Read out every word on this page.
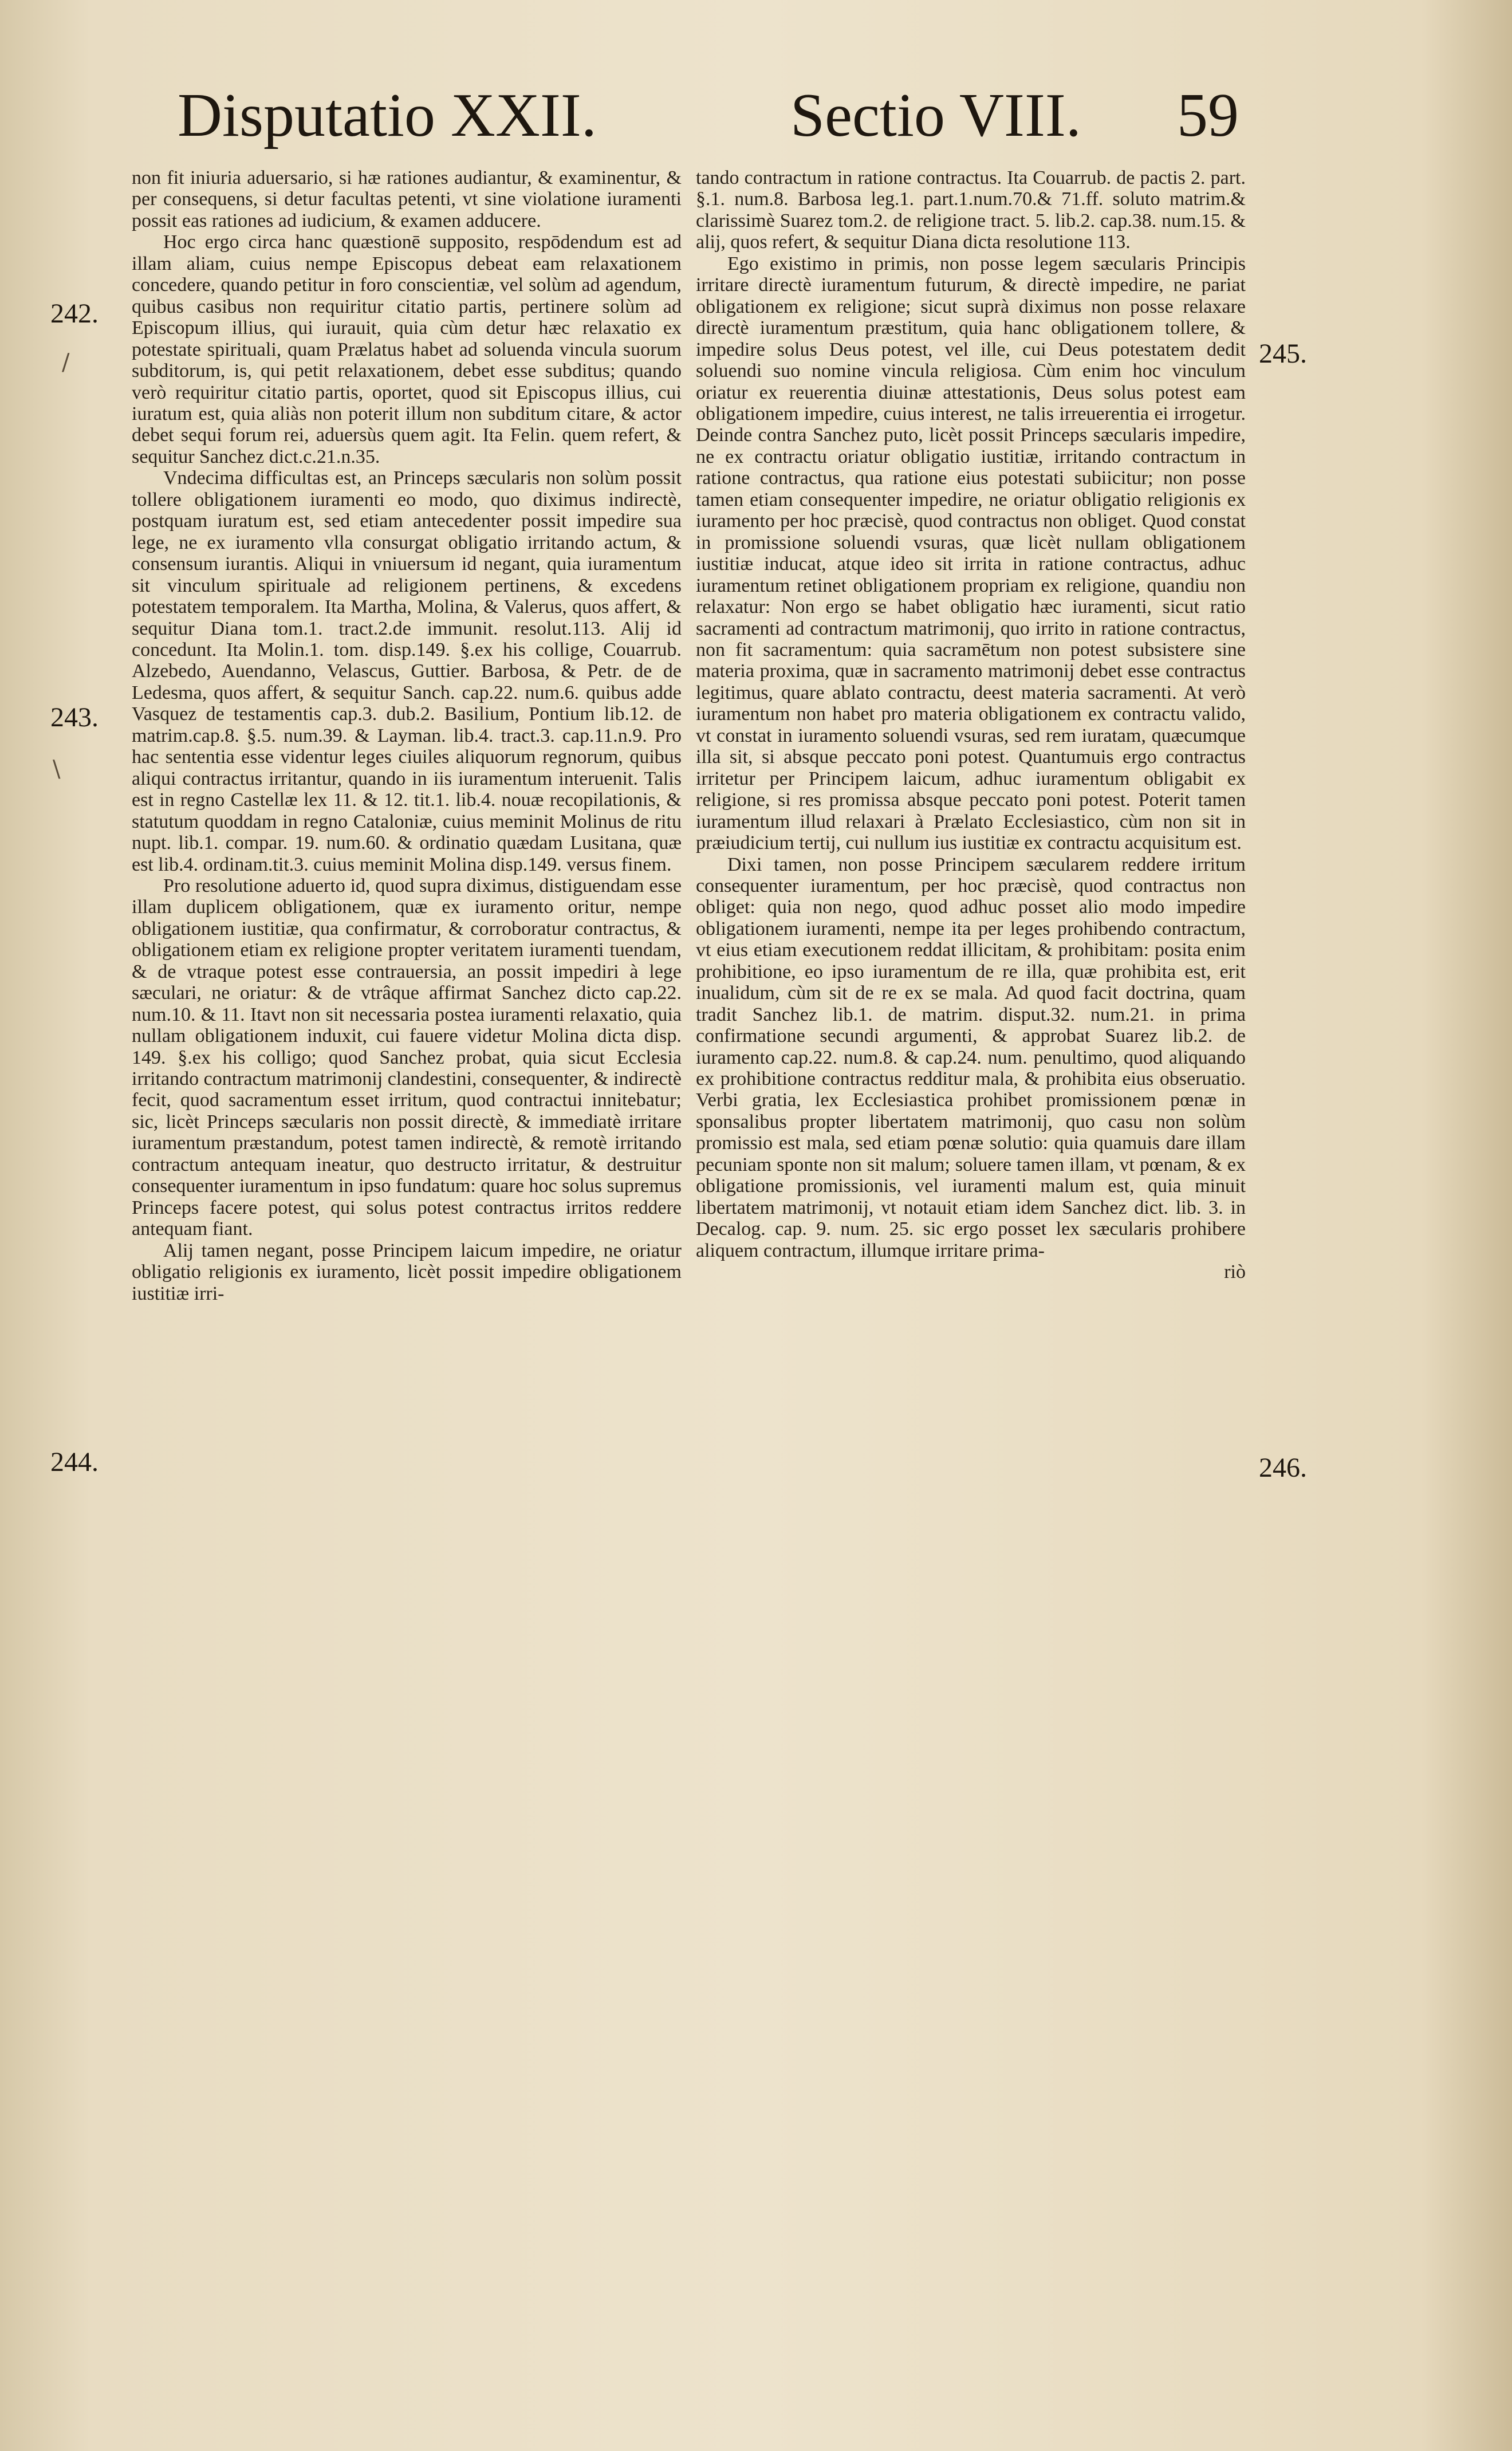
Disputatio XXII.	Sectio VIII. 59
242.
243.
244.
245.
246.
/
\

non fit iniuria aduersario, si hæ rationes audiantur, & examinentur, & per consequens, si detur facultas petenti, vt sine violatione iuramenti possit eas rationes ad iudicium, & examen adducere.

Hoc ergo circa hanc quæstionē supposito, respōdendum est ad illam aliam, cuius nempe Episcopus debeat eam relaxationem concedere, quando petitur in foro conscientiæ, vel solùm ad agendum, quibus casibus non requiritur citatio partis, pertinere solùm ad Episcopum illius, qui iurauit, quia cùm detur hæc relaxatio ex potestate spirituali, quam Prælatus habet ad soluenda vincula suorum subditorum, is, qui petit relaxationem, debet esse subditus; quando verò requiritur citatio partis, oportet, quod sit Episcopus illius, cui iuratum est, quia aliàs non poterit illum non subditum citare, & actor debet sequi forum rei, aduersùs quem agit. Ita Felin. quem refert, & sequitur Sanchez dict.c.21.n.35.

Vndecima difficultas est, an Princeps sæcularis non solùm possit tollere obligationem iuramenti eo modo, quo diximus indirectè, postquam iuratum est, sed etiam antecedenter possit impedire sua lege, ne ex iuramento vlla consurgat obligatio irritando actum, & consensum iurantis. Aliqui in vniuersum id negant, quia iuramentum sit vinculum spirituale ad religionem pertinens, & excedens potestatem temporalem. Ita Martha, Molina, & Valerus, quos affert, & sequitur Diana tom.1. tract.2.de immunit. resolut.113. Alij id concedunt. Ita Molin.1. tom. disp.149. §.ex his collige, Couarrub. Alzebedo, Auendanno, Velascus, Guttier. Barbosa, & Petr. de de Ledesma, quos affert, & sequitur Sanch. cap.22. num.6. quibus adde Vasquez de testamentis cap.3. dub.2. Basilium, Pontium lib.12. de matrim.cap.8. §.5. num.39. & Layman. lib.4. tract.3. cap.11.n.9. Pro hac sententia esse videntur leges ciuiles aliquorum regnorum, quibus aliqui contractus irritantur, quando in iis iuramentum interuenit. Talis est in regno Castellæ lex 11. & 12. tit.1. lib.4. nouæ recopilationis, & statutum quoddam in regno Cataloniæ, cuius meminit Molinus de ritu nupt. lib.1. compar. 19. num.60. & ordinatio quædam Lusitana, quæ est lib.4. ordinam.tit.3. cuius meminit Molina disp.149. versus finem.

Pro resolutione aduerto id, quod supra diximus, distiguendam esse illam duplicem obligationem, quæ ex iuramento oritur, nempe obligationem iustitiæ, qua confirmatur, & corroboratur contractus, & obligationem etiam ex religione propter veritatem iuramenti tuendam, & de vtraque potest esse contrauersia, an possit impediri à lege sæculari, ne oriatur: & de vtrâque affirmat Sanchez dicto cap.22. num.10. & 11. Itavt non sit necessaria postea iuramenti relaxatio, quia nullam obligationem induxit, cui fauere videtur Molina dicta disp. 149. §.ex his colligo; quod Sanchez probat, quia sicut Ecclesia irritando contractum matrimonij clandestini, consequenter, & indirectè fecit, quod sacramentum esset irritum, quod contractui innitebatur; sic, licèt Princeps sæcularis non possit directè, & immediatè irritare iuramentum præstandum, potest tamen indirectè, & remotè irritando contractum antequam ineatur, quo destructo irritatur, & destruitur consequenter iuramentum in ipso fundatum: quare hoc solus supremus Princeps facere potest, qui solus potest contractus irritos reddere antequam fiant.

Alij tamen negant, posse Principem laicum impedire, ne oriatur obligatio religionis ex iuramento, licèt possit impedire obligationem iustitiæ irri-

tando contractum in ratione contractus. Ita Couarrub. de pactis 2. part. §.1. num.8. Barbosa leg.1. part.1.num.70.& 71.ff. soluto matrim.& clarissimè Suarez tom.2. de religione tract. 5. lib.2. cap.38. num.15. & alij, quos refert, & sequitur Diana dicta resolutione 113.

Ego existimo in primis, non posse legem sæcularis Principis irritare directè iuramentum futurum, & directè impedire, ne pariat obligationem ex religione; sicut suprà diximus non posse relaxare directè iuramentum præstitum, quia hanc obligationem tollere, & impedire solus Deus potest, vel ille, cui Deus potestatem dedit soluendi suo nomine vincula religiosa. Cùm enim hoc vinculum oriatur ex reuerentia diuinæ attestationis, Deus solus potest eam obligationem impedire, cuius interest, ne talis irreuerentia ei irrogetur. Deinde contra Sanchez puto, licèt possit Princeps sæcularis impedire, ne ex contractu oriatur obligatio iustitiæ, irritando contractum in ratione contractus, qua ratione eius potestati subiicitur; non posse tamen etiam consequenter impedire, ne oriatur obligatio religionis ex iuramento per hoc præcisè, quod contractus non obliget. Quod constat in promissione soluendi vsuras, quæ licèt nullam obligationem iustitiæ inducat, atque ideo sit irrita in ratione contractus, adhuc iuramentum retinet obligationem propriam ex religione, quandiu non relaxatur: Non ergo se habet obligatio hæc iuramenti, sicut ratio sacramenti ad contractum matrimonij, quo irrito in ratione contractus, non fit sacramentum: quia sacramētum non potest subsistere sine materia proxima, quæ in sacramento matrimonij debet esse contractus legitimus, quare ablato contractu, deest materia sacramenti. At verò iuramentum non habet pro materia obligationem ex contractu valido, vt constat in iuramento soluendi vsuras, sed rem iuratam, quæcumque illa sit, si absque peccato poni potest. Quantumuis ergo contractus irritetur per Principem laicum, adhuc iuramentum obligabit ex religione, si res promissa absque peccato poni potest. Poterit tamen iuramentum illud relaxari à Prælato Ecclesiastico, cùm non sit in præiudicium tertij, cui nullum ius iustitiæ ex contractu acquisitum est.

Dixi tamen, non posse Principem sæcularem reddere irritum consequenter iuramentum, per hoc præcisè, quod contractus non obliget: quia non nego, quod adhuc posset alio modo impedire obligationem iuramenti, nempe ita per leges prohibendo contractum, vt eius etiam executionem reddat illicitam, & prohibitam: posita enim prohibitione, eo ipso iuramentum de re illa, quæ prohibita est, erit inualidum, cùm sit de re ex se mala. Ad quod facit doctrina, quam tradit Sanchez lib.1. de matrim. disput.32. num.21. in prima confirmatione secundi argumenti, & approbat Suarez lib.2. de iuramento cap.22. num.8. & cap.24. num. penultimo, quod aliquando ex prohibitione contractus redditur mala, & prohibita eius obseruatio. Verbi gratia, lex Ecclesiastica prohibet promissionem pœnæ in sponsalibus propter libertatem matrimonij, quo casu non solùm promissio est mala, sed etiam pœnæ solutio: quia quamuis dare illam pecuniam sponte non sit malum; soluere tamen illam, vt pœnam, & ex obligatione promissionis, vel iuramenti malum est, quia minuit libertatem matrimonij, vt notauit etiam idem Sanchez dict. lib. 3. in Decalog. cap. 9. num. 25. sic ergo posset lex sæcularis prohibere aliquem contractum, illumque irritare prima-

riò
